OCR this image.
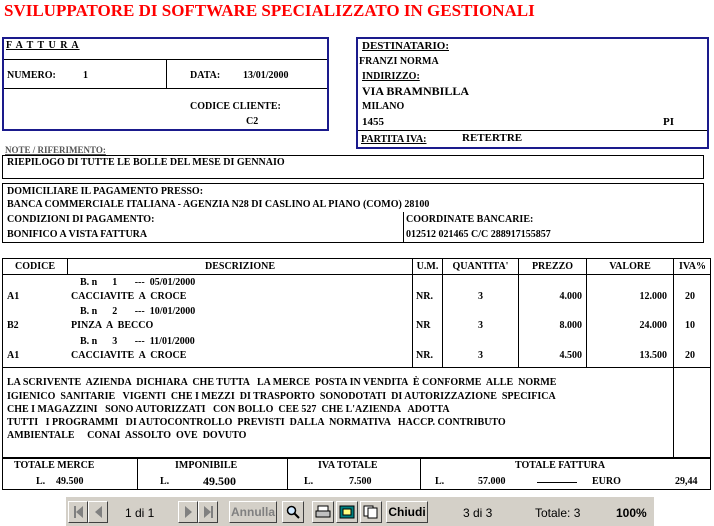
SVILUPPATORE DI SOFTWARE SPECIALIZZATO IN GESTIONALI
F A T T U R A
NUMERO:	1	DATA: 13/01/2000
CODICE CLIENTE:
C2
DESTINATARIO:
FRANZI NORMA
INDIRIZZO:
VIA BRAMNBILLA
MILANO
1455	PI
PARTITA IVA:	RETERTRE
NOTE / RIFERIMENTO:
RIEPILOGO DI TUTTE LE BOLLE DEL MESE DI GENNAIO
DOMICILIARE IL PAGAMENTO PRESSO:
BANCA COMMERCIALE ITALIANA - AGENZIA N28 DI CASLINO AL PIANO (COMO) 28100
CONDIZIONI DI PAGAMENTO:
BONIFICO A VISTA FATTURA
COORDINATE BANCARIE:
012512 021465 C/C 288917155857
CODICE	DESCRIZIONE	U.M.	QUANTITA'	PREZZO	VALORE	IVA%
B. n      1       ---  05/01/2000
A1	CACCIAVITE  A  CROCE	NR.	3	4.000	12.000	20
B. n      2       ---  10/01/2000
B2	PINZA  A  BECCO	NR	3	8.000	24.000	10
B. n      3       ---  11/01/2000
A1	CACCIAVITE  A  CROCE	NR.	3	4.500	13.500	20
LA SCRIVENTE  AZIENDA  DICHIARA  CHE TUTTA   LA MERCE  POSTA IN VENDITA  È CONFORME  ALLE  NORME
IGIENICO  SANITARIE   VIGENTI  CHE I MEZZI  DI TRASPORTO  SONODOTATI  DI AUTORIZZAZIONE  SPECIFICA
CHE I MAGAZZINI   SONO AUTORIZZATI   CON BOLLO  CEE 527  CHE L'AZIENDA   ADOTTA
TUTTI   I PROGRAMMI   DI AUTOCONTROLLO  PREVISTI  DALLA  NORMATIVA   HACCP. CONTRIBUTO
AMBIENTALE     CONAI  ASSOLTO  OVE  DOVUTO
TOTALE MERCE
L. 49.500
IMPONIBILE
L.	49.500
IVA TOTALE
L.	7.500
TOTALE FATTURA
L.	57.000	EURO	29,44
1 di 1	Annulla	Chiudi	3 di 3	Totale: 3	100%
